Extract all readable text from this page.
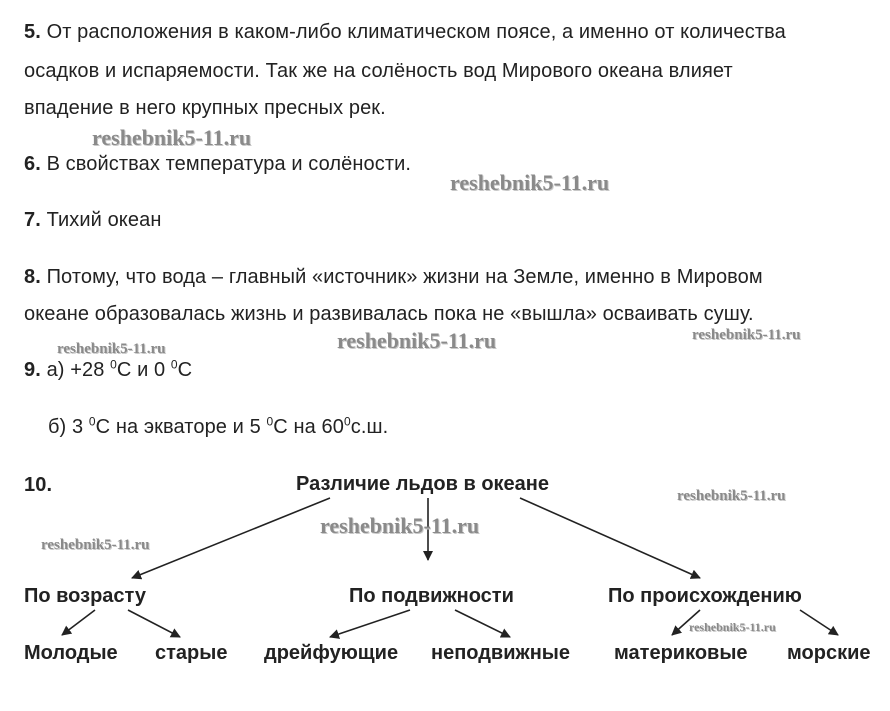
5. От расположения в каком-либо климатическом поясе, а именно от количества
осадков и испаряемости. Так же на солёность вод Мирового океана влияет
впадение в него крупных пресных рек.
6. В свойствах температура и солёности.
7. Тихий океан
8. Потому, что вода – главный «источник» жизни на Земле, именно в Мировом
океане образовалась жизнь и развивалась пока не «вышла» осваивать сушу.
9. а) +28 $^0$С и 0 $^0$С
б) 3 $^0$С на экваторе и 5 $^0$С на $60^0с.ш$.
10.	Различие льдов в океане
По возрасту	По подвижности	По происхождению
Молодые старые дрейфующие неподвижные материковые морские
reshebnik5-11.ru
reshebnik5-11.ru
reshebnik5-11.ru
reshebnik5-11.ru
reshebnik5-11.ru
reshebnik5-11.ru
reshebnik5-11.ru
reshebnik5-11.ru
reshebnik5-11.ru
